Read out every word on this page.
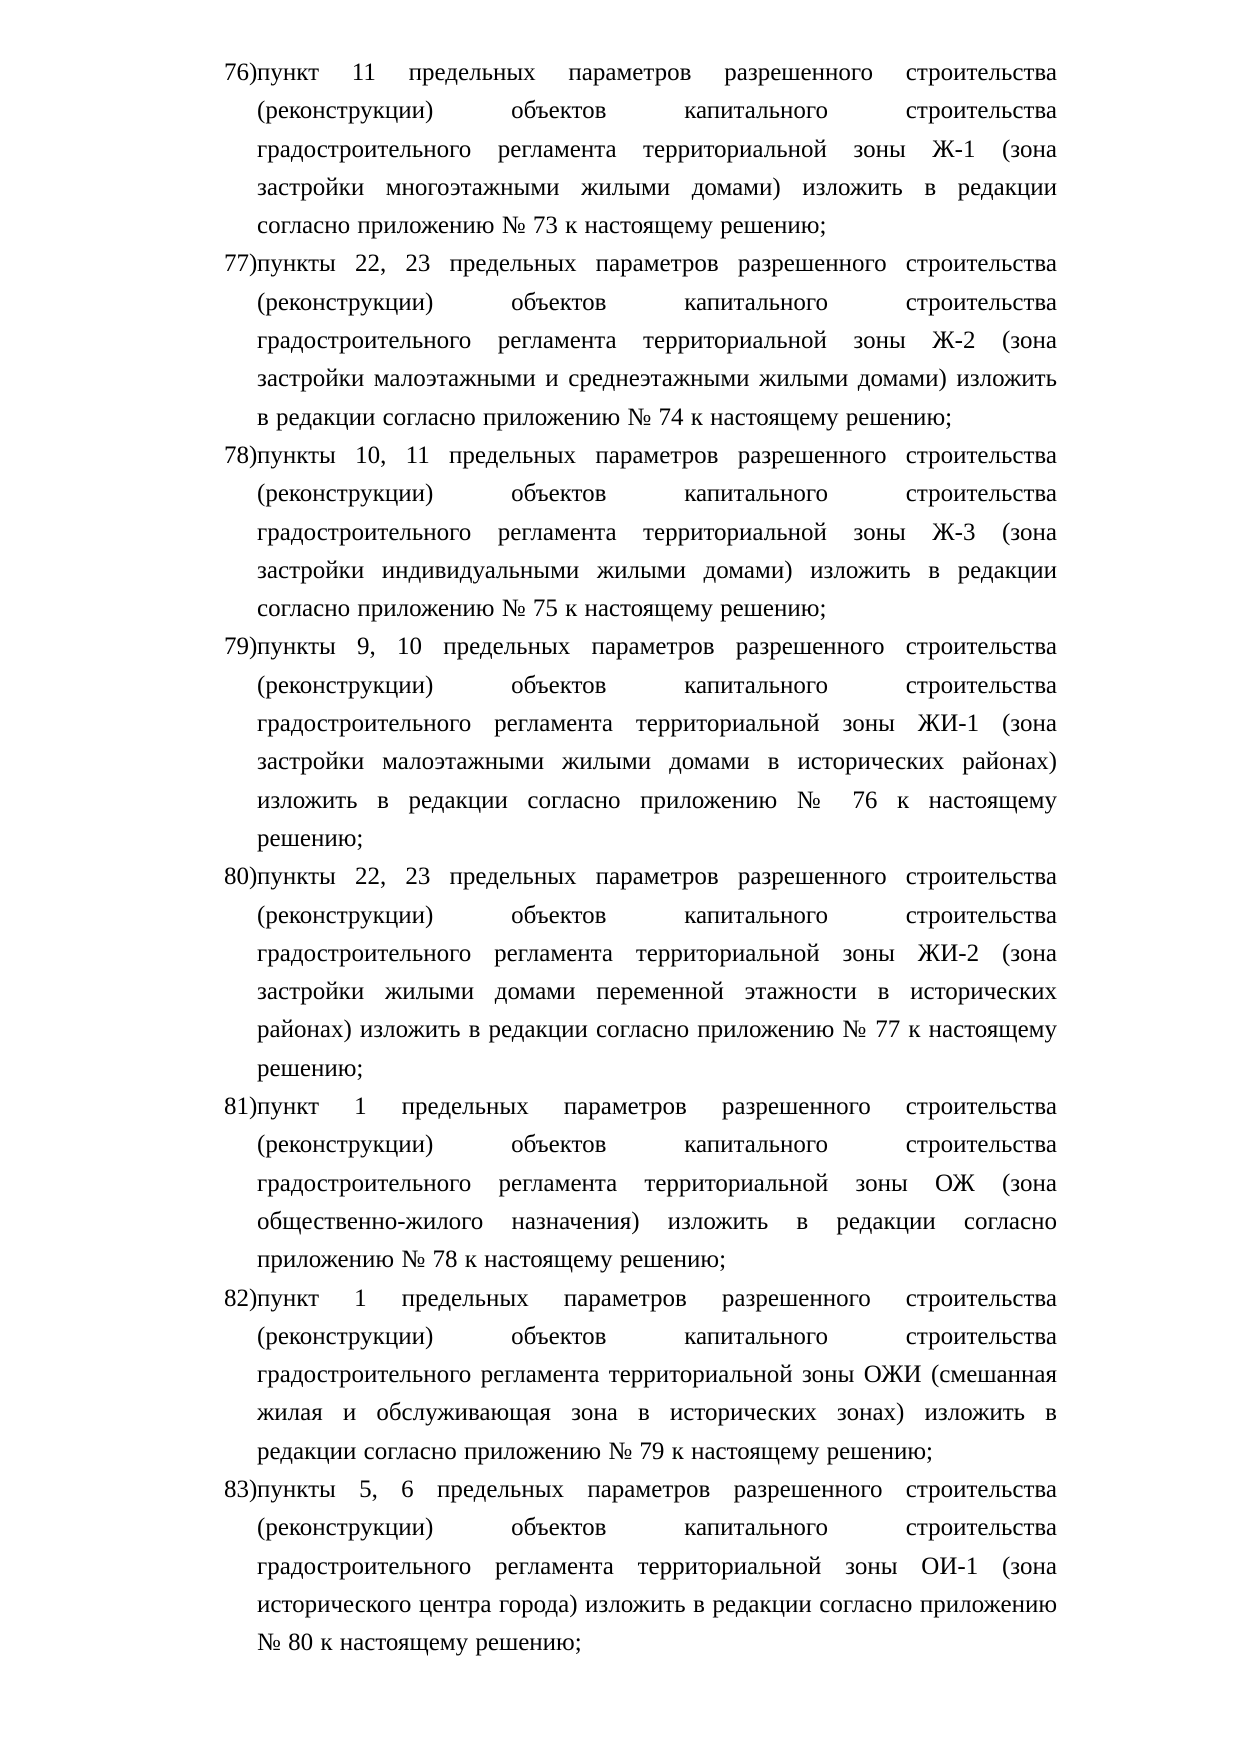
76) пункт 11 предельных параметров разрешенного строительства (реконструкции) объектов капитального строительства градостроительного регламента территориальной зоны Ж-1 (зона застройки многоэтажными жилыми домами) изложить в редакции согласно приложению № 73 к настоящему решению;
77) пункты 22, 23 предельных параметров разрешенного строительства (реконструкции) объектов капитального строительства градостроительного регламента территориальной зоны Ж-2 (зона застройки малоэтажными и среднеэтажными жилыми домами) изложить в редакции согласно приложению № 74 к настоящему решению;
78) пункты 10, 11 предельных параметров разрешенного строительства (реконструкции) объектов капитального строительства градостроительного регламента территориальной зоны Ж-3 (зона застройки индивидуальными жилыми домами) изложить в редакции согласно приложению № 75 к настоящему решению;
79) пункты 9, 10 предельных параметров разрешенного строительства (реконструкции) объектов капитального строительства градостроительного регламента территориальной зоны ЖИ-1 (зона застройки малоэтажными жилыми домами в исторических районах) изложить в редакции согласно приложению № 76 к настоящему решению;
80) пункты 22, 23 предельных параметров разрешенного строительства (реконструкции) объектов капитального строительства градостроительного регламента территориальной зоны ЖИ-2 (зона застройки жилыми домами переменной этажности в исторических районах) изложить в редакции согласно приложению № 77 к настоящему решению;
81) пункт 1 предельных параметров разрешенного строительства (реконструкции) объектов капитального строительства градостроительного регламента территориальной зоны ОЖ (зона общественно-жилого назначения) изложить в редакции согласно приложению № 78 к настоящему решению;
82) пункт 1 предельных параметров разрешенного строительства (реконструкции) объектов капитального строительства градостроительного регламента территориальной зоны ОЖИ (смешанная жилая и обслуживающая зона в исторических зонах) изложить в редакции согласно приложению № 79 к настоящему решению;
83) пункты 5, 6 предельных параметров разрешенного строительства (реконструкции) объектов капитального строительства градостроительного регламента территориальной зоны ОИ-1 (зона исторического центра города) изложить в редакции согласно приложению № 80 к настоящему решению;
